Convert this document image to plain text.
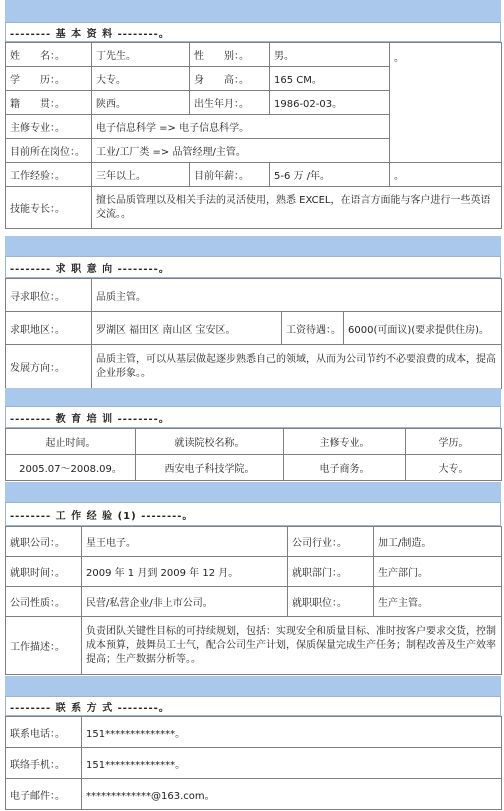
-------- 基 本 资 料 --------。
姓　　名：。	丁先生。	性　　别：。	男。	。
学　　历：。	大专。	身　　高：。	165 CM。	
籍　　贯：。	陕西。	出生年月：。	1986-02-03。	
主修专业：。	电子信息科学 => 电子信息科学。			
目前所在岗位：。	工业/工厂类 => 品管经理/主管。			
工作经验：。	三年以上。	目前年薪：。	5-6 万 /年。	。
技能专长：。	擅长品质管理以及相关手法的灵活使用，熟悉 EXCEL，在语言方面能与客户进行一些英语交流。。			
-------- 求 职 意 向 --------。
寻求职位：。	品质主管。		
求职地区：。	罗湖区 福田区 南山区 宝安区。	工资待遇：。	6000(可面议)(要求提供住房)。
发展方向：。	品质主管，可以从基层做起逐步熟悉自己的领域，从而为公司节约不必要浪费的成本，提高企业形象。。		
-------- 教 育 培 训 --------。
起止时间。	就读院校名称。	主修专业。	学历。
2005.07～2008.09。	西安电子科技学院。	电子商务。	大专。
-------- 工 作 经 验 (1) --------。
就职公司：。	星王电子。	公司行业：。	加工/制造。
就职时间：。	2009 年 1 月到 2009 年 12 月。	就职部门：。	生产部门。
公司性质：。	民营/私营企业/非上市公司。	就职职位：。	生产主管。
工作描述：。	负责团队关键性目标的可持续规划，包括：实现安全和质量目标、准时按客户要求交货，控制成本预算，鼓舞员工士气，配合公司生产计划，保质保量完成生产任务；制程改善及生产效率提高；生产数据分析等。。		
-------- 联 系 方 式 --------。
联系电话：。	151**************。
联络手机：。	151**************。
电子邮件：。	*************@163.com。
